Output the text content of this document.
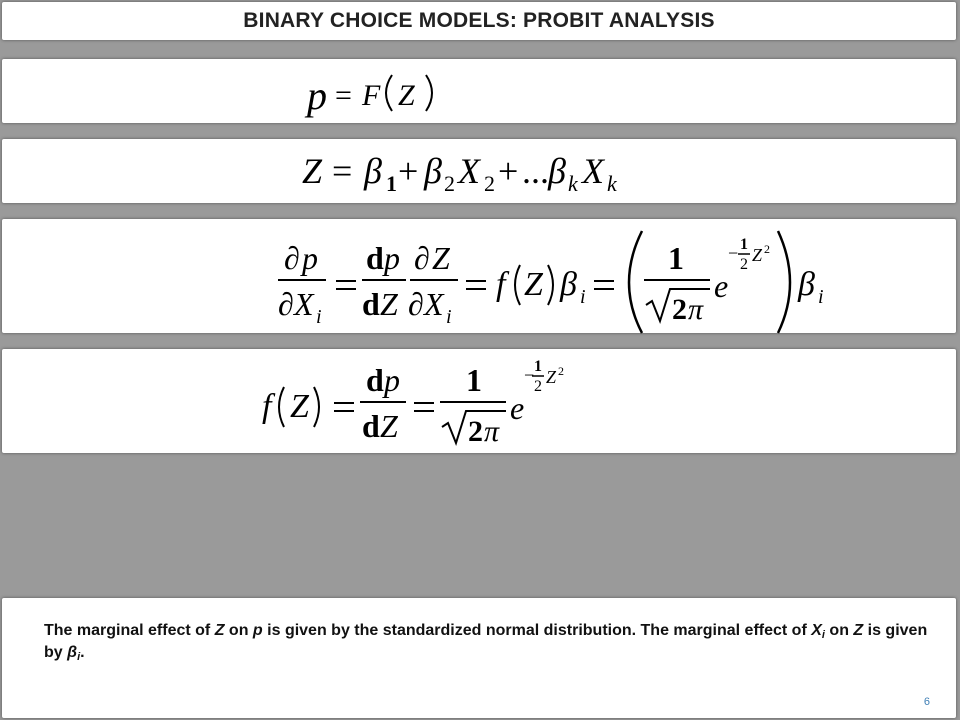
BINARY CHOICE MODELS: PROBIT ANALYSIS
p = F Z
Z = β 1 + β 2 X 2 + ... β k X k
∂ p
∂ X i
d p
d Z
∂ Z
∂ X i
f Z β i
1
2 π
e
− 1
2 Z 2
β i
f Z
d p
d Z
1
2 π
e
− 1
2 Z 2
The marginal effect of Z on p is given by the standardized normal distribution. The marginal effect of $X_i$ on Z is given by $\beta_i$.
6
